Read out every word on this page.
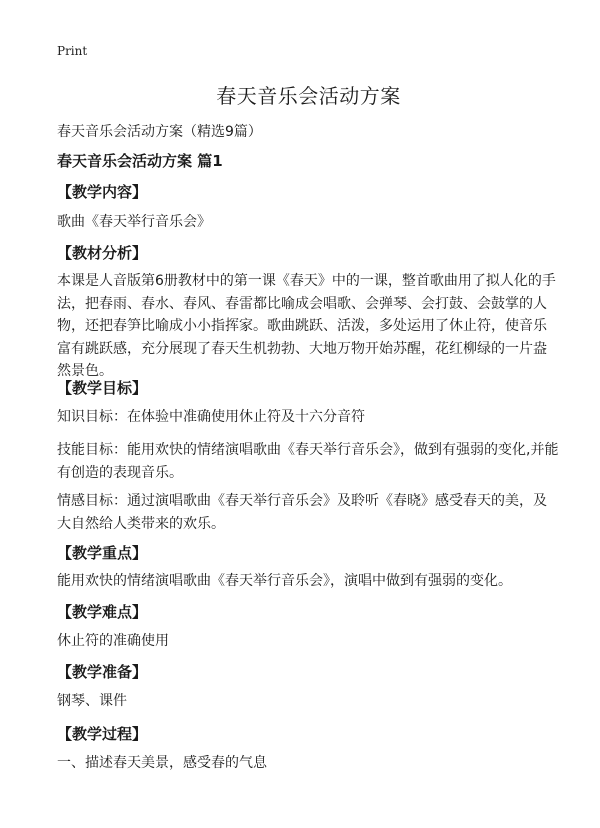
Print
春天音乐会活动方案

春天音乐会活动方案（精选9篇）

春天音乐会活动方案 篇1

【教学内容】

歌曲《春天举行音乐会》

【教材分析】

本课是人音版第6册教材中的第一课《春天》中的一课，整首歌曲用了拟人化的手法，把春雨、春水、春风、春雷都比喻成会唱歌、会弹琴、会打鼓、会鼓掌的人物，还把春笋比喻成小小指挥家。歌曲跳跃、活泼，多处运用了休止符，使音乐富有跳跃感，充分展现了春天生机勃勃、大地万物开始苏醒，花红柳绿的一片盎然景色。

【教学目标】

知识目标：在体验中准确使用休止符及十六分音符

技能目标：能用欢快的情绪演唱歌曲《春天举行音乐会》，做到有强弱的变化,并能有创造的表现音乐。

情感目标：通过演唱歌曲《春天举行音乐会》及聆听《春晓》感受春天的美，及大自然给人类带来的欢乐。

【教学重点】

能用欢快的情绪演唱歌曲《春天举行音乐会》，演唱中做到有强弱的变化。

【教学难点】

休止符的准确使用

【教学准备】

钢琴、课件

【教学过程】

一、描述春天美景，感受春的气息
